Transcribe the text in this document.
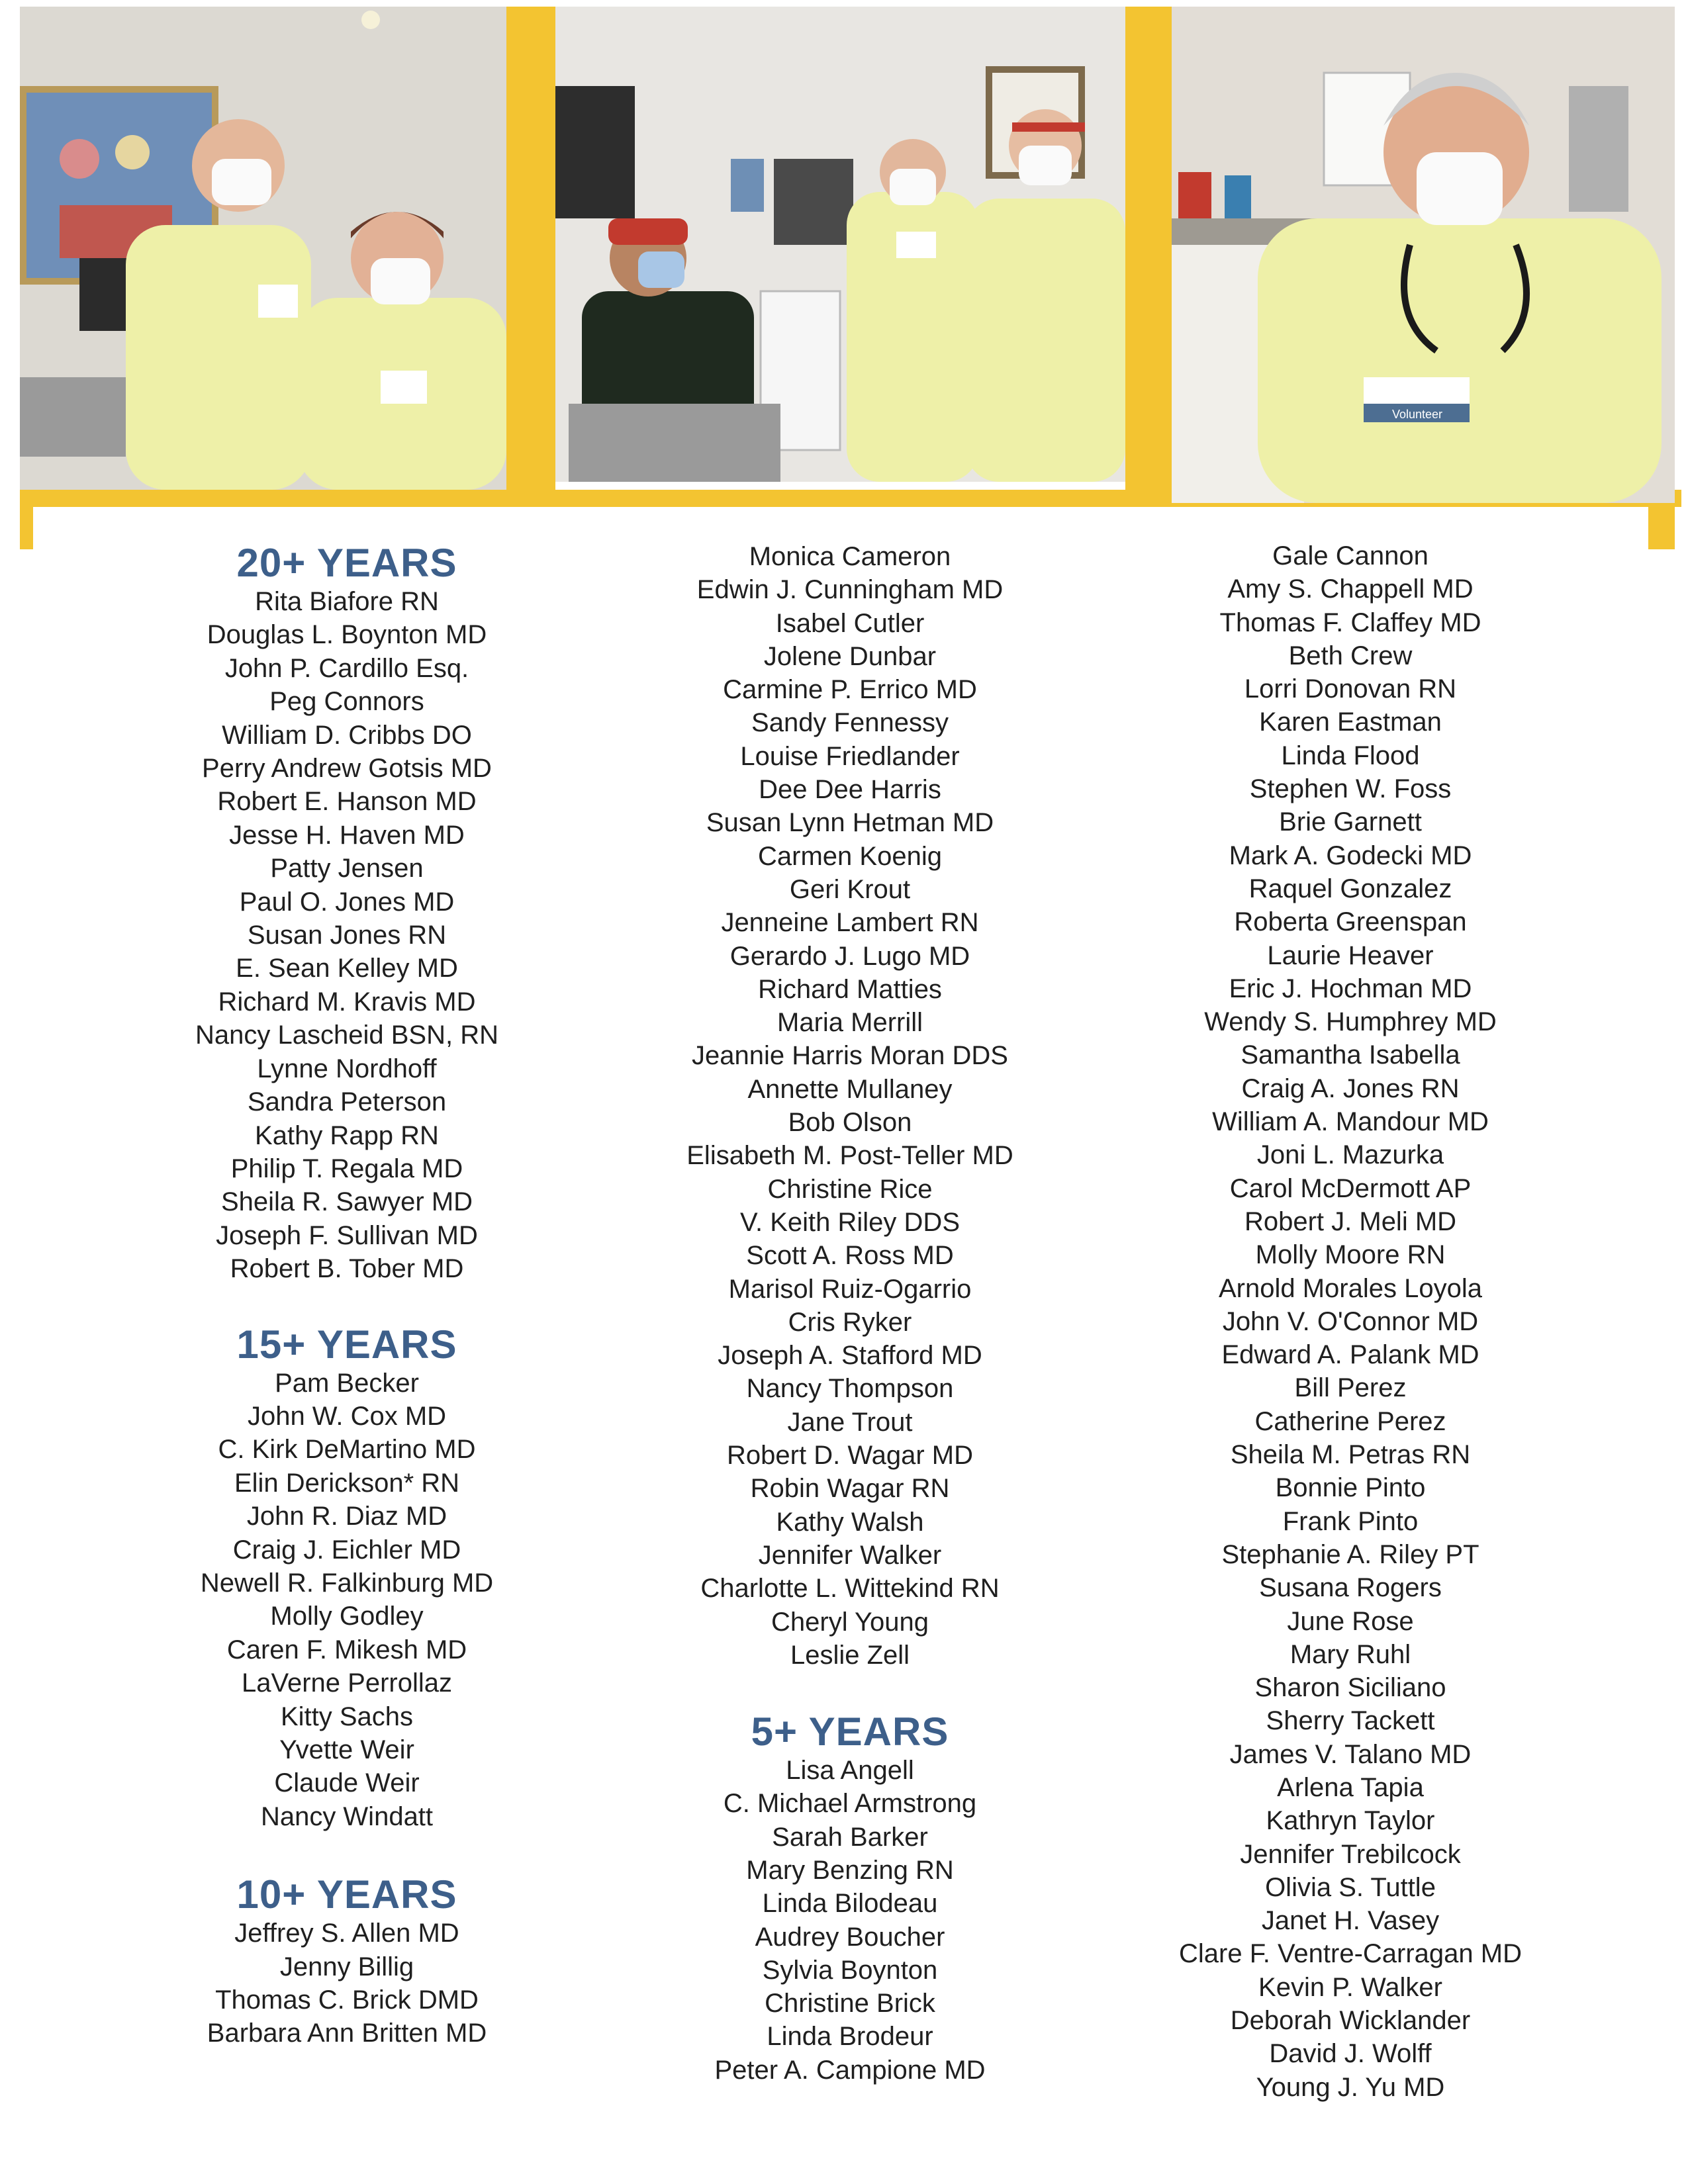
Volunteer
20+ YEARS
Rita Biafore RN
Douglas L. Boynton MD
John P. Cardillo Esq.
Peg Connors
William D. Cribbs DO
Perry Andrew Gotsis MD
Robert E. Hanson MD
Jesse H. Haven MD
Patty Jensen
Paul O. Jones MD
Susan Jones RN
E. Sean Kelley MD
Richard M. Kravis MD
Nancy Lascheid BSN, RN
Lynne Nordhoff
Sandra Peterson
Kathy Rapp RN
Philip T. Regala MD
Sheila R. Sawyer MD
Joseph F. Sullivan MD
Robert B. Tober MD
15+ YEARS
Pam Becker
John W. Cox MD
C. Kirk DeMartino MD
Elin Derickson* RN
John R. Diaz MD
Craig J. Eichler MD
Newell R. Falkinburg MD
Molly Godley
Caren F. Mikesh MD
LaVerne Perrollaz
Kitty Sachs
Yvette Weir
Claude Weir
Nancy Windatt
10+ YEARS
Jeffrey S. Allen MD
Jenny Billig
Thomas C. Brick DMD
Barbara Ann Britten MD
Monica Cameron
Edwin J. Cunningham MD
Isabel Cutler
Jolene Dunbar
Carmine P. Errico MD
Sandy Fennessy
Louise Friedlander
Dee Dee Harris
Susan Lynn Hetman MD
Carmen Koenig
Geri Krout
Jenneine Lambert RN
Gerardo J. Lugo MD
Richard Matties
Maria Merrill
Jeannie Harris Moran DDS
Annette Mullaney
Bob Olson
Elisabeth M. Post-Teller MD
Christine Rice
V. Keith Riley DDS
Scott A. Ross MD
Marisol Ruiz-Ogarrio
Cris Ryker
Joseph A. Stafford MD
Nancy Thompson
Jane Trout
Robert D. Wagar MD
Robin Wagar RN
Kathy Walsh
Jennifer Walker
Charlotte L. Wittekind RN
Cheryl Young
Leslie Zell
5+ YEARS
Lisa Angell
C. Michael Armstrong
Sarah Barker
Mary Benzing RN
Linda Bilodeau
Audrey Boucher
Sylvia Boynton
Christine Brick
Linda Brodeur
Peter A. Campione MD
Gale Cannon
Amy S. Chappell MD
Thomas F. Claffey MD
Beth Crew
Lorri Donovan RN
Karen Eastman
Linda Flood
Stephen W. Foss
Brie Garnett
Mark A. Godecki MD
Raquel Gonzalez
Roberta Greenspan
Laurie Heaver
Eric J. Hochman MD
Wendy S. Humphrey MD
Samantha Isabella
Craig A. Jones RN
William A. Mandour MD
Joni L. Mazurka
Carol McDermott AP
Robert J. Meli MD
Molly Moore RN
Arnold Morales Loyola
John V. O'Connor MD
Edward A. Palank MD
Bill Perez
Catherine Perez
Sheila M. Petras RN
Bonnie Pinto
Frank Pinto
Stephanie A. Riley PT
Susana Rogers
June Rose
Mary Ruhl
Sharon Siciliano
Sherry Tackett
James V. Talano MD
Arlena Tapia
Kathryn Taylor
Jennifer Trebilcock
Olivia S. Tuttle
Janet H. Vasey
Clare F. Ventre-Carragan MD
Kevin P. Walker
Deborah Wicklander
David J. Wolff
Young J. Yu MD
